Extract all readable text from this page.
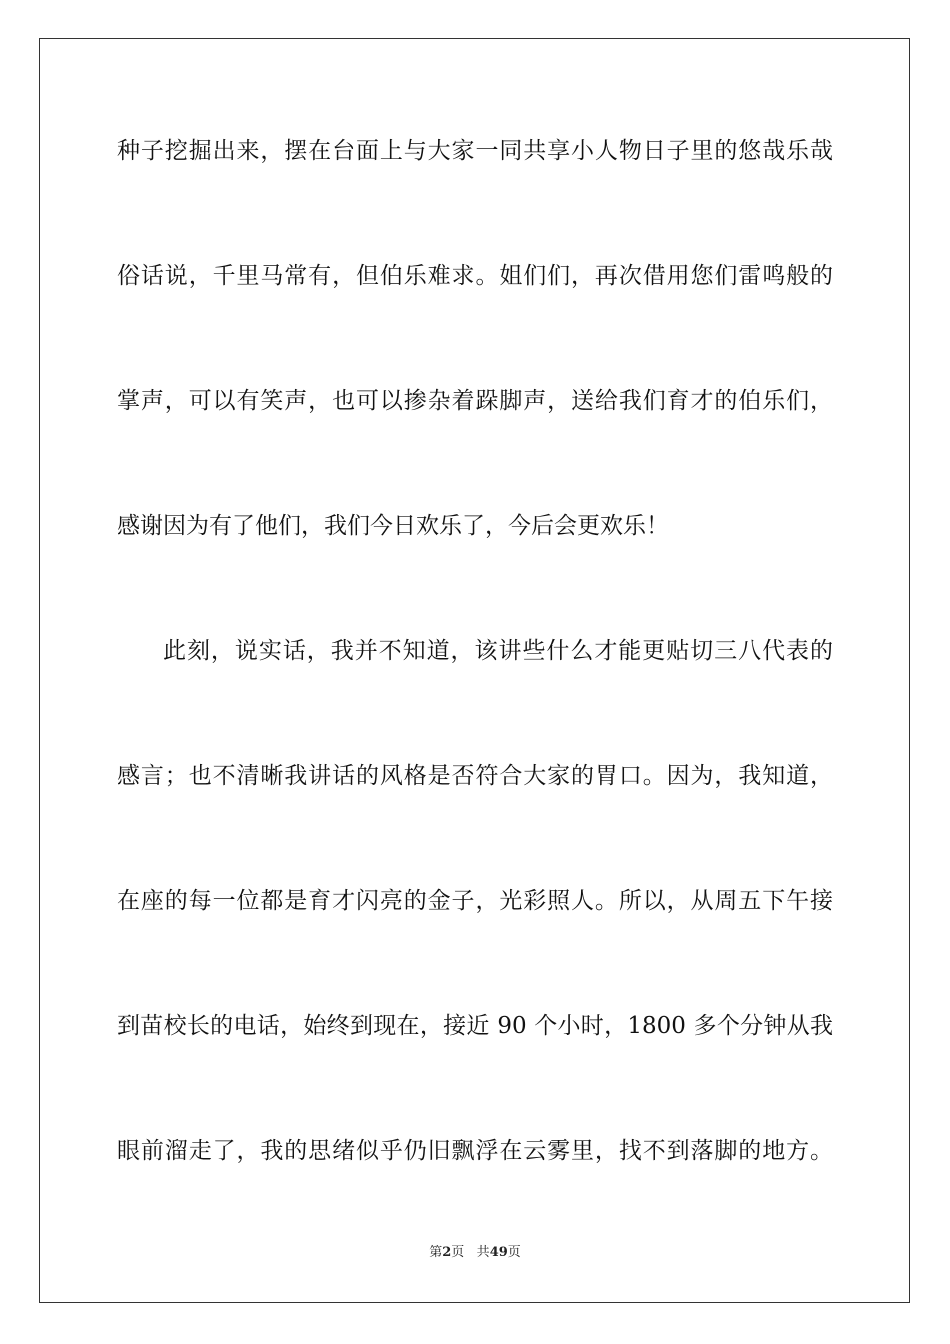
种子挖掘出来，摆在台面上与大家一同共享小人物日子里的悠哉乐哉
俗话说，千里马常有，但伯乐难求。姐们们，再次借用您们雷鸣般的
掌声，可以有笑声，也可以掺杂着跺脚声，送给我们育才的伯乐们，
感谢因为有了他们，我们今日欢乐了，今后会更欢乐！
此刻，说实话，我并不知道，该讲些什么才能更贴切三八代表的
感言；也不清晰我讲话的风格是否符合大家的胃口。因为，我知道，
在座的每一位都是育才闪亮的金子，光彩照人。所以，从周五下午接
到苗校长的电话，始终到现在，接近 90 个小时，1800 多个分钟从我
眼前溜走了，我的思绪似乎仍旧飘浮在云雾里，找不到落脚的地方。
第2页 共49页
